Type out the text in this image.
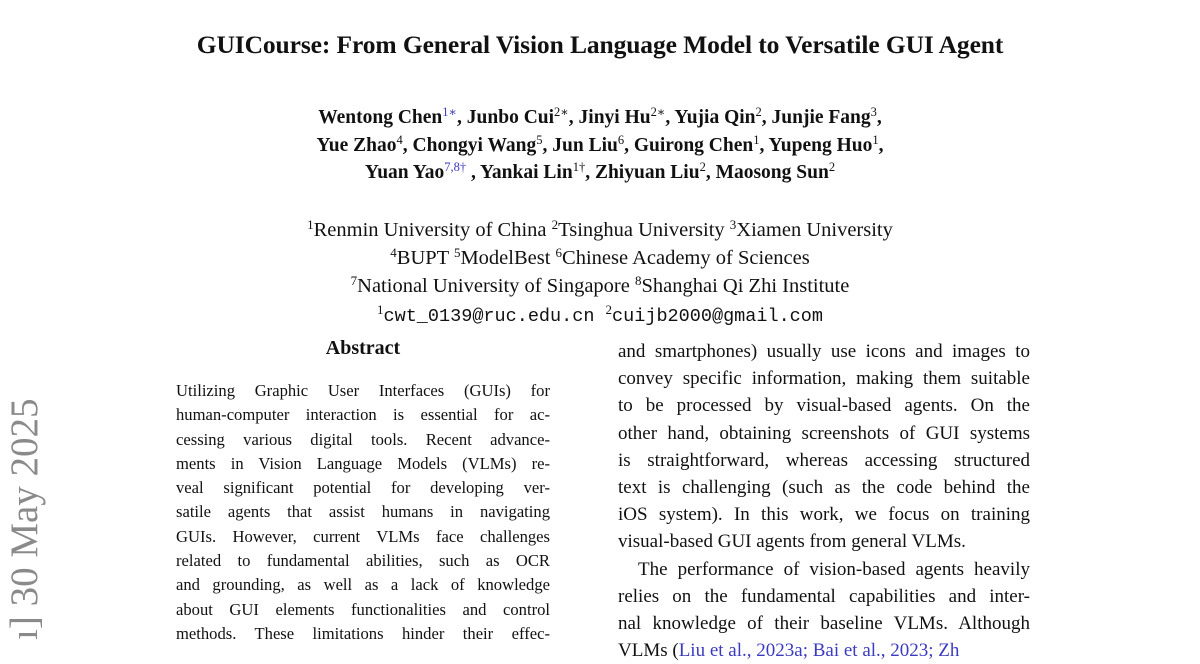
GUICourse: From General Vision Language Model to Versatile GUI Agent
Wentong Chen$^{1∗}$, Junbo Cui$^{2∗}$, Jinyi $Hu^{2∗}$, Yujia Qin$^2$, Junjie Fang$^3$,
Yue Zhao$^4$, Chongyi Wang$^5$, Jun Liu$^6$, Guirong Chen$^1$, Yupeng Huo$^1$,
Yuan Yao$^{7,8\dagger}$ , Yankai Lin$^{1\dagger}$, Zhiyuan Liu$^2$, Maosong Sun$^2$
$^1$Renmin University of China $^2$Tsinghua University $^3$Xiamen University
$^4$BUPT $^5$ModelBest $^6$Chinese Academy of Sciences
$^7$National University of Singapore $^8$Shanghai Qi Zhi Institute
$^1$cwt_0139@ruc.edu.cn $^2$cuijb2000@gmail.com
ı] 30 May 2025
Abstract
Utilizing Graphic User Interfaces (GUIs) for
human-computer interaction is essential for ac-
cessing various digital tools. Recent advance-
ments in Vision Language Models (VLMs) re-
veal significant potential for developing ver-
satile agents that assist humans in navigating
GUIs. However, current VLMs face challenges
related to fundamental abilities, such as OCR
and grounding, as well as a lack of knowledge
about GUI elements functionalities and control
methods. These limitations hinder their effec-
and smartphones) usually use icons and images to
convey specific information, making them suitable
to be processed by visual-based agents. On the
other hand, obtaining screenshots of GUI systems
is straightforward, whereas accessing structured
text is challenging (such as the code behind the
iOS system). In this work, we focus on training
visual-based GUI agents from general VLMs.
The performance of vision-based agents heavily
relies on the fundamental capabilities and inter-
nal knowledge of their baseline VLMs. Although
VLMs (Liu et al., 2023a; Bai et al., 2023; Zh
